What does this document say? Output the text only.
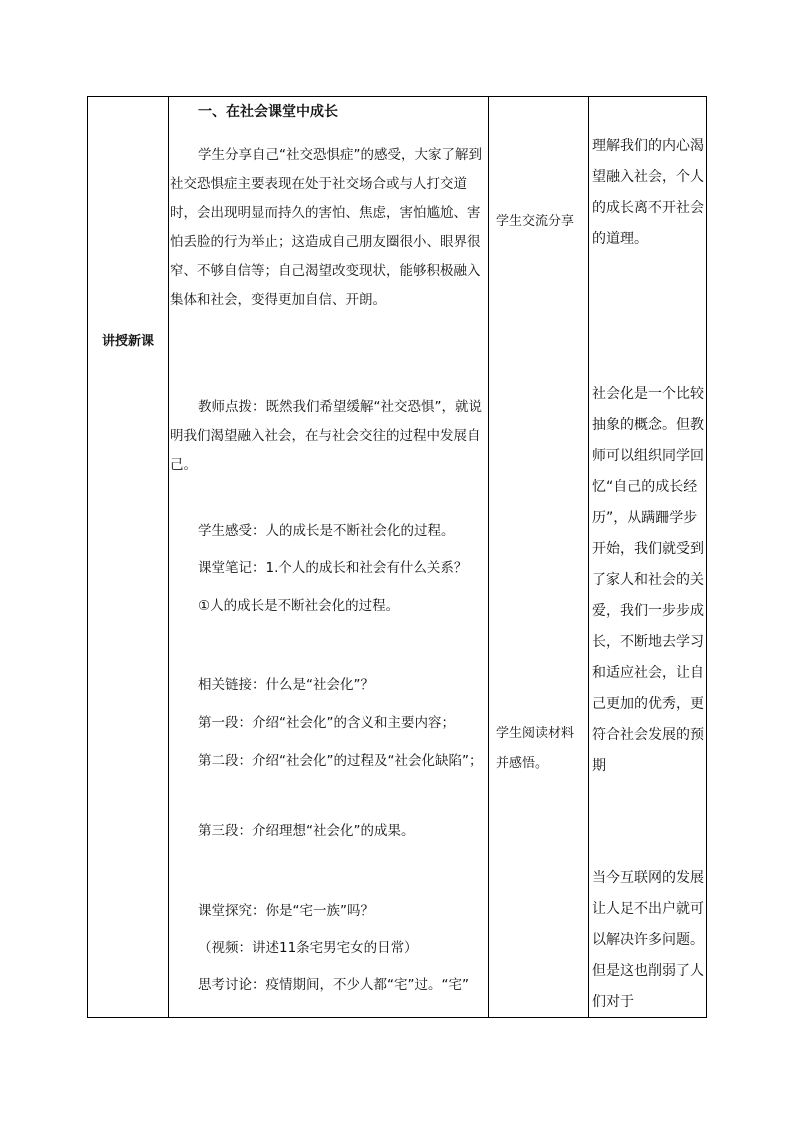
讲授新课
一、在社会课堂中成长

学生分享自己“社交恐惧症”的感受，大家了解到社交恐惧症主要表现在处于社交场合或与人打交道时，会出现明显而持久的害怕、焦虑，害怕尴尬、害怕丢脸的行为举止；这造成自己朋友圈很小、眼界很窄、不够自信等；自己渴望改变现状，能够积极融入集体和社会，变得更加自信、开朗。

教师点拨：既然我们希望缓解“社交恐惧”，就说明我们渴望融入社会，在与社会交往的过程中发展自己。

学生感受：人的成长是不断社会化的过程。

课堂笔记：1.个人的成长和社会有什么关系？

①人的成长是不断社会化的过程。

相关链接：什么是“社会化”？

第一段：介绍“社会化”的含义和主要内容；

第二段：介绍“社会化”的过程及“社会化缺陷”；

第三段：介绍理想“社会化”的成果。

课堂探究：你是“宅一族”吗？

（视频：讲述11条宅男宅女的日常）

思考讨论：疫情期间，不少人都“宅”过。“宅”

学生交流分享
学生阅读材料并感悟。
理解我们的内心渴望融入社会，个人的成长离不开社会的道理。
社会化是一个比较抽象的概念。但教师可以组织同学回忆“自己的成长经历”，从蹒跚学步开始，我们就受到了家人和社会的关爱，我们一步步成长，不断地去学习和适应社会，让自己更加的优秀，更符合社会发展的预期
当今互联网的发展让人足不出户就可以解决许多问题。但是这也削弱了人们对于
